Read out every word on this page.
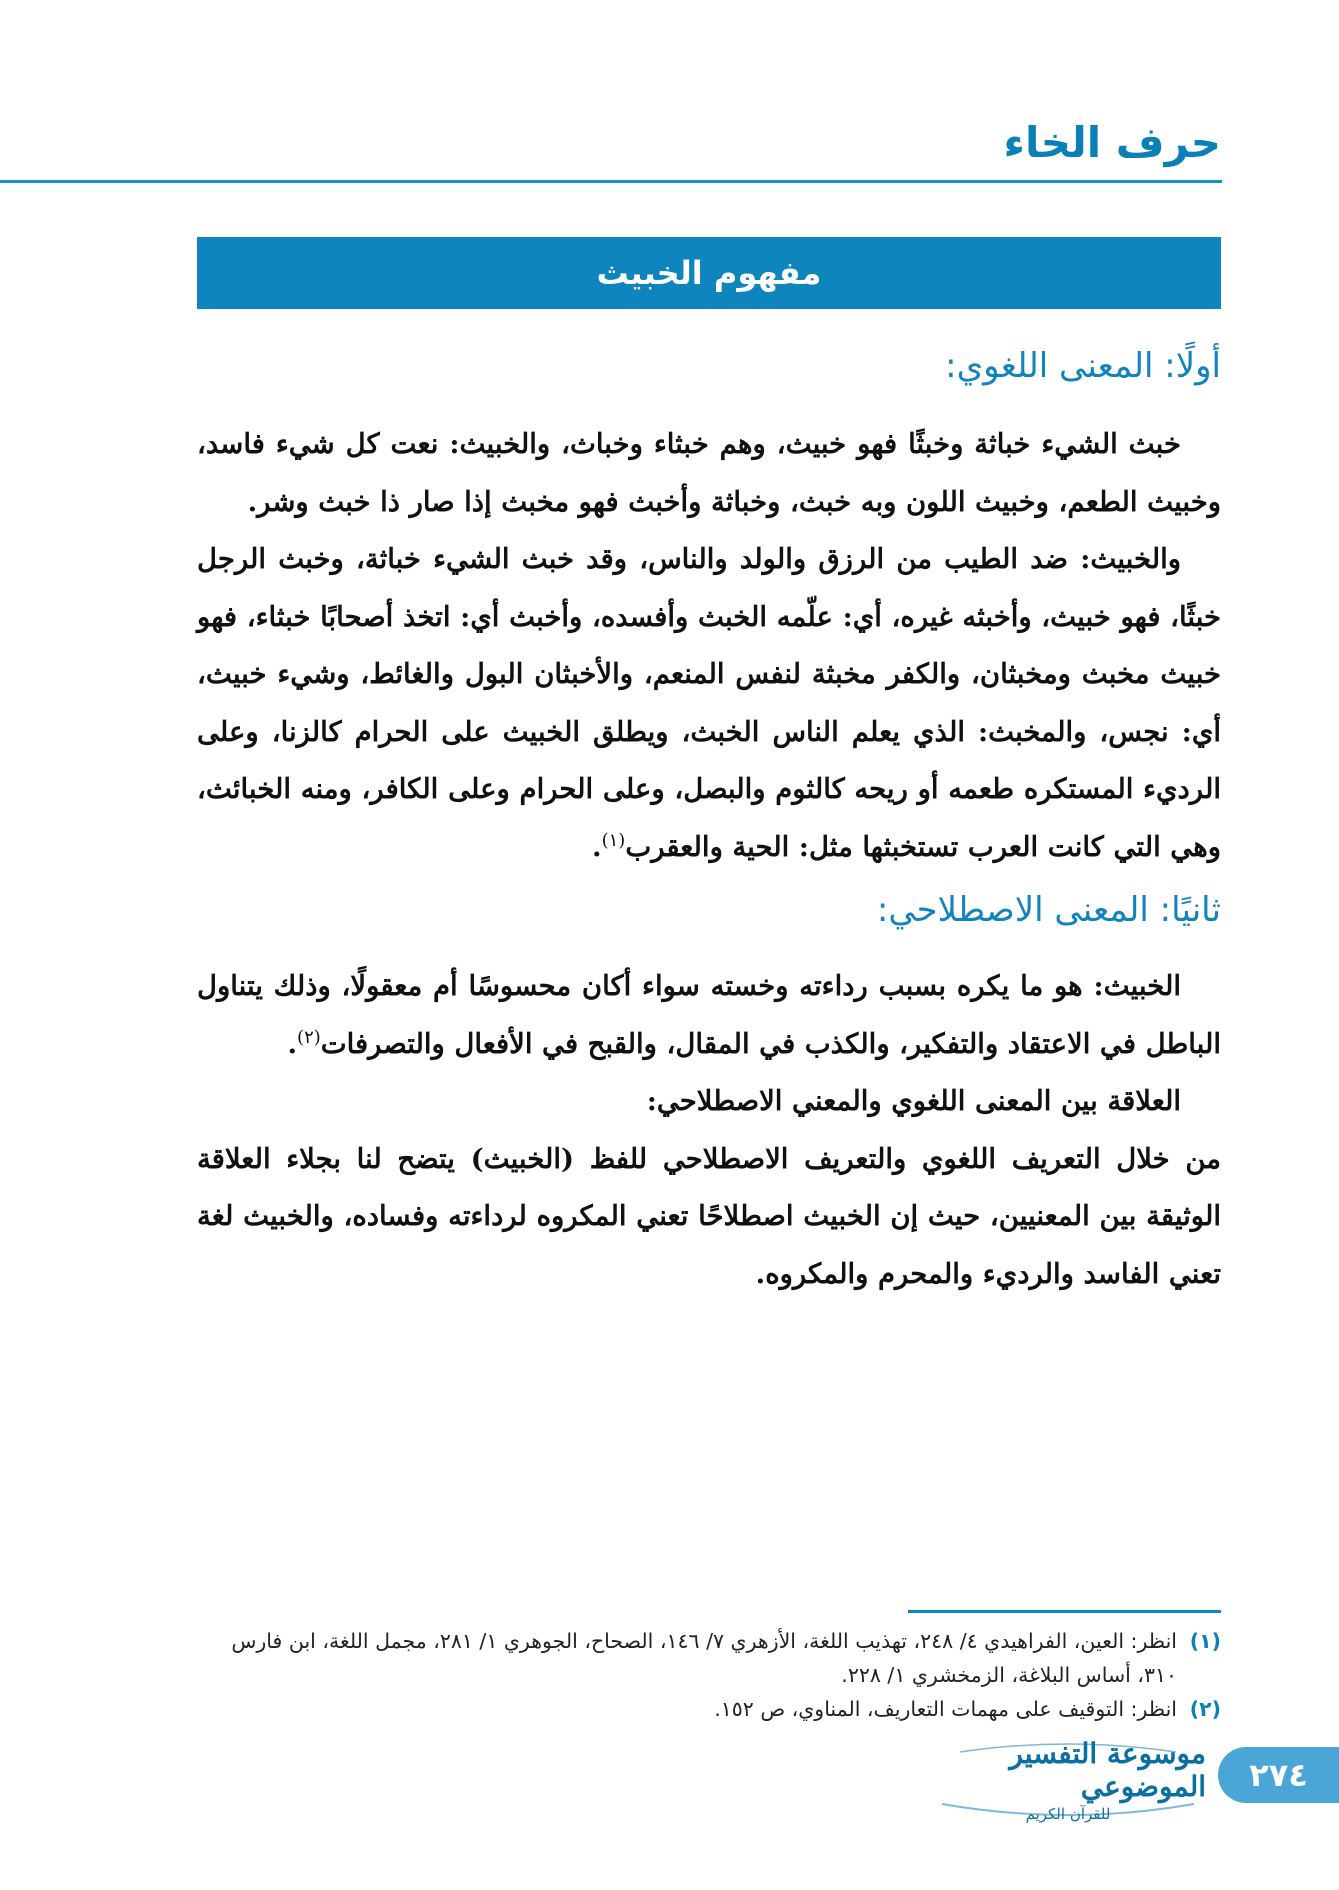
حرف الخاء
مفهوم الخبيث
أولًا: المعنى اللغوي:

خبث الشيء خباثة وخبثًا فهو خبيث، وهم خبثاء وخباث، والخبيث: نعت كل شيء فاسد، وخبيث الطعم، وخبيث اللون وبه خبث، وخباثة وأخبث فهو مخبث إذا صار ذا خبث وشر.

والخبيث: ضد الطيب من الرزق والولد والناس، وقد خبث الشيء خباثة، وخبث الرجل خبثًا، فهو خبيث، وأخبثه غيره، أي: علّمه الخبث وأفسده، وأخبث أي: اتخذ أصحابًا خبثاء، فهو خبيث مخبث ومخبثان، والكفر مخبثة لنفس المنعم، والأخبثان البول والغائط، وشيء خبيث، أي: نجس، والمخبث: الذي يعلم الناس الخبث، ويطلق الخبيث على الحرام كالزنا، وعلى الرديء المستكره طعمه أو ريحه كالثوم والبصل، وعلى الحرام وعلى الكافر، ومنه الخبائث، وهي التي كانت العرب تستخبثها مثل: الحية والعقرب$^{(١)}$.

ثانيًا: المعنى الاصطلاحي:

الخبيث: هو ما يكره بسبب رداءته وخسته سواء أكان محسوسًا أم معقولًا، وذلك يتناول الباطل في الاعتقاد والتفكير، والكذب في المقال، والقبح في الأفعال والتصرفات$^{(٢)}$.

العلاقة بين المعنى اللغوي والمعني الاصطلاحي:

من خلال التعريف اللغوي والتعريف الاصطلاحي للفظ (الخبيث) يتضح لنا بجلاء العلاقة الوثيقة بين المعنيين، حيث إن الخبيث اصطلاحًا تعني المكروه لرداءته وفساده، والخبيث لغة تعني الفاسد والرديء والمحرم والمكروه.

(١)
انظر: العين، الفراهيدي ٤/ ٢٤٨، تهذيب اللغة، الأزهري ٧/ ١٤٦، الصحاح، الجوهري ١/ ٢٨١، مجمل اللغة، ابن فارس ٣١٠، أساس البلاغة، الزمخشري ١/ ٢٢٨.
(٢)
انظر: التوقيف على مهمات التعاريف، المناوي، ص ١٥٢.
موسوعة التفسير الموضوعي
للقرآن الكريم
٢٧٤
